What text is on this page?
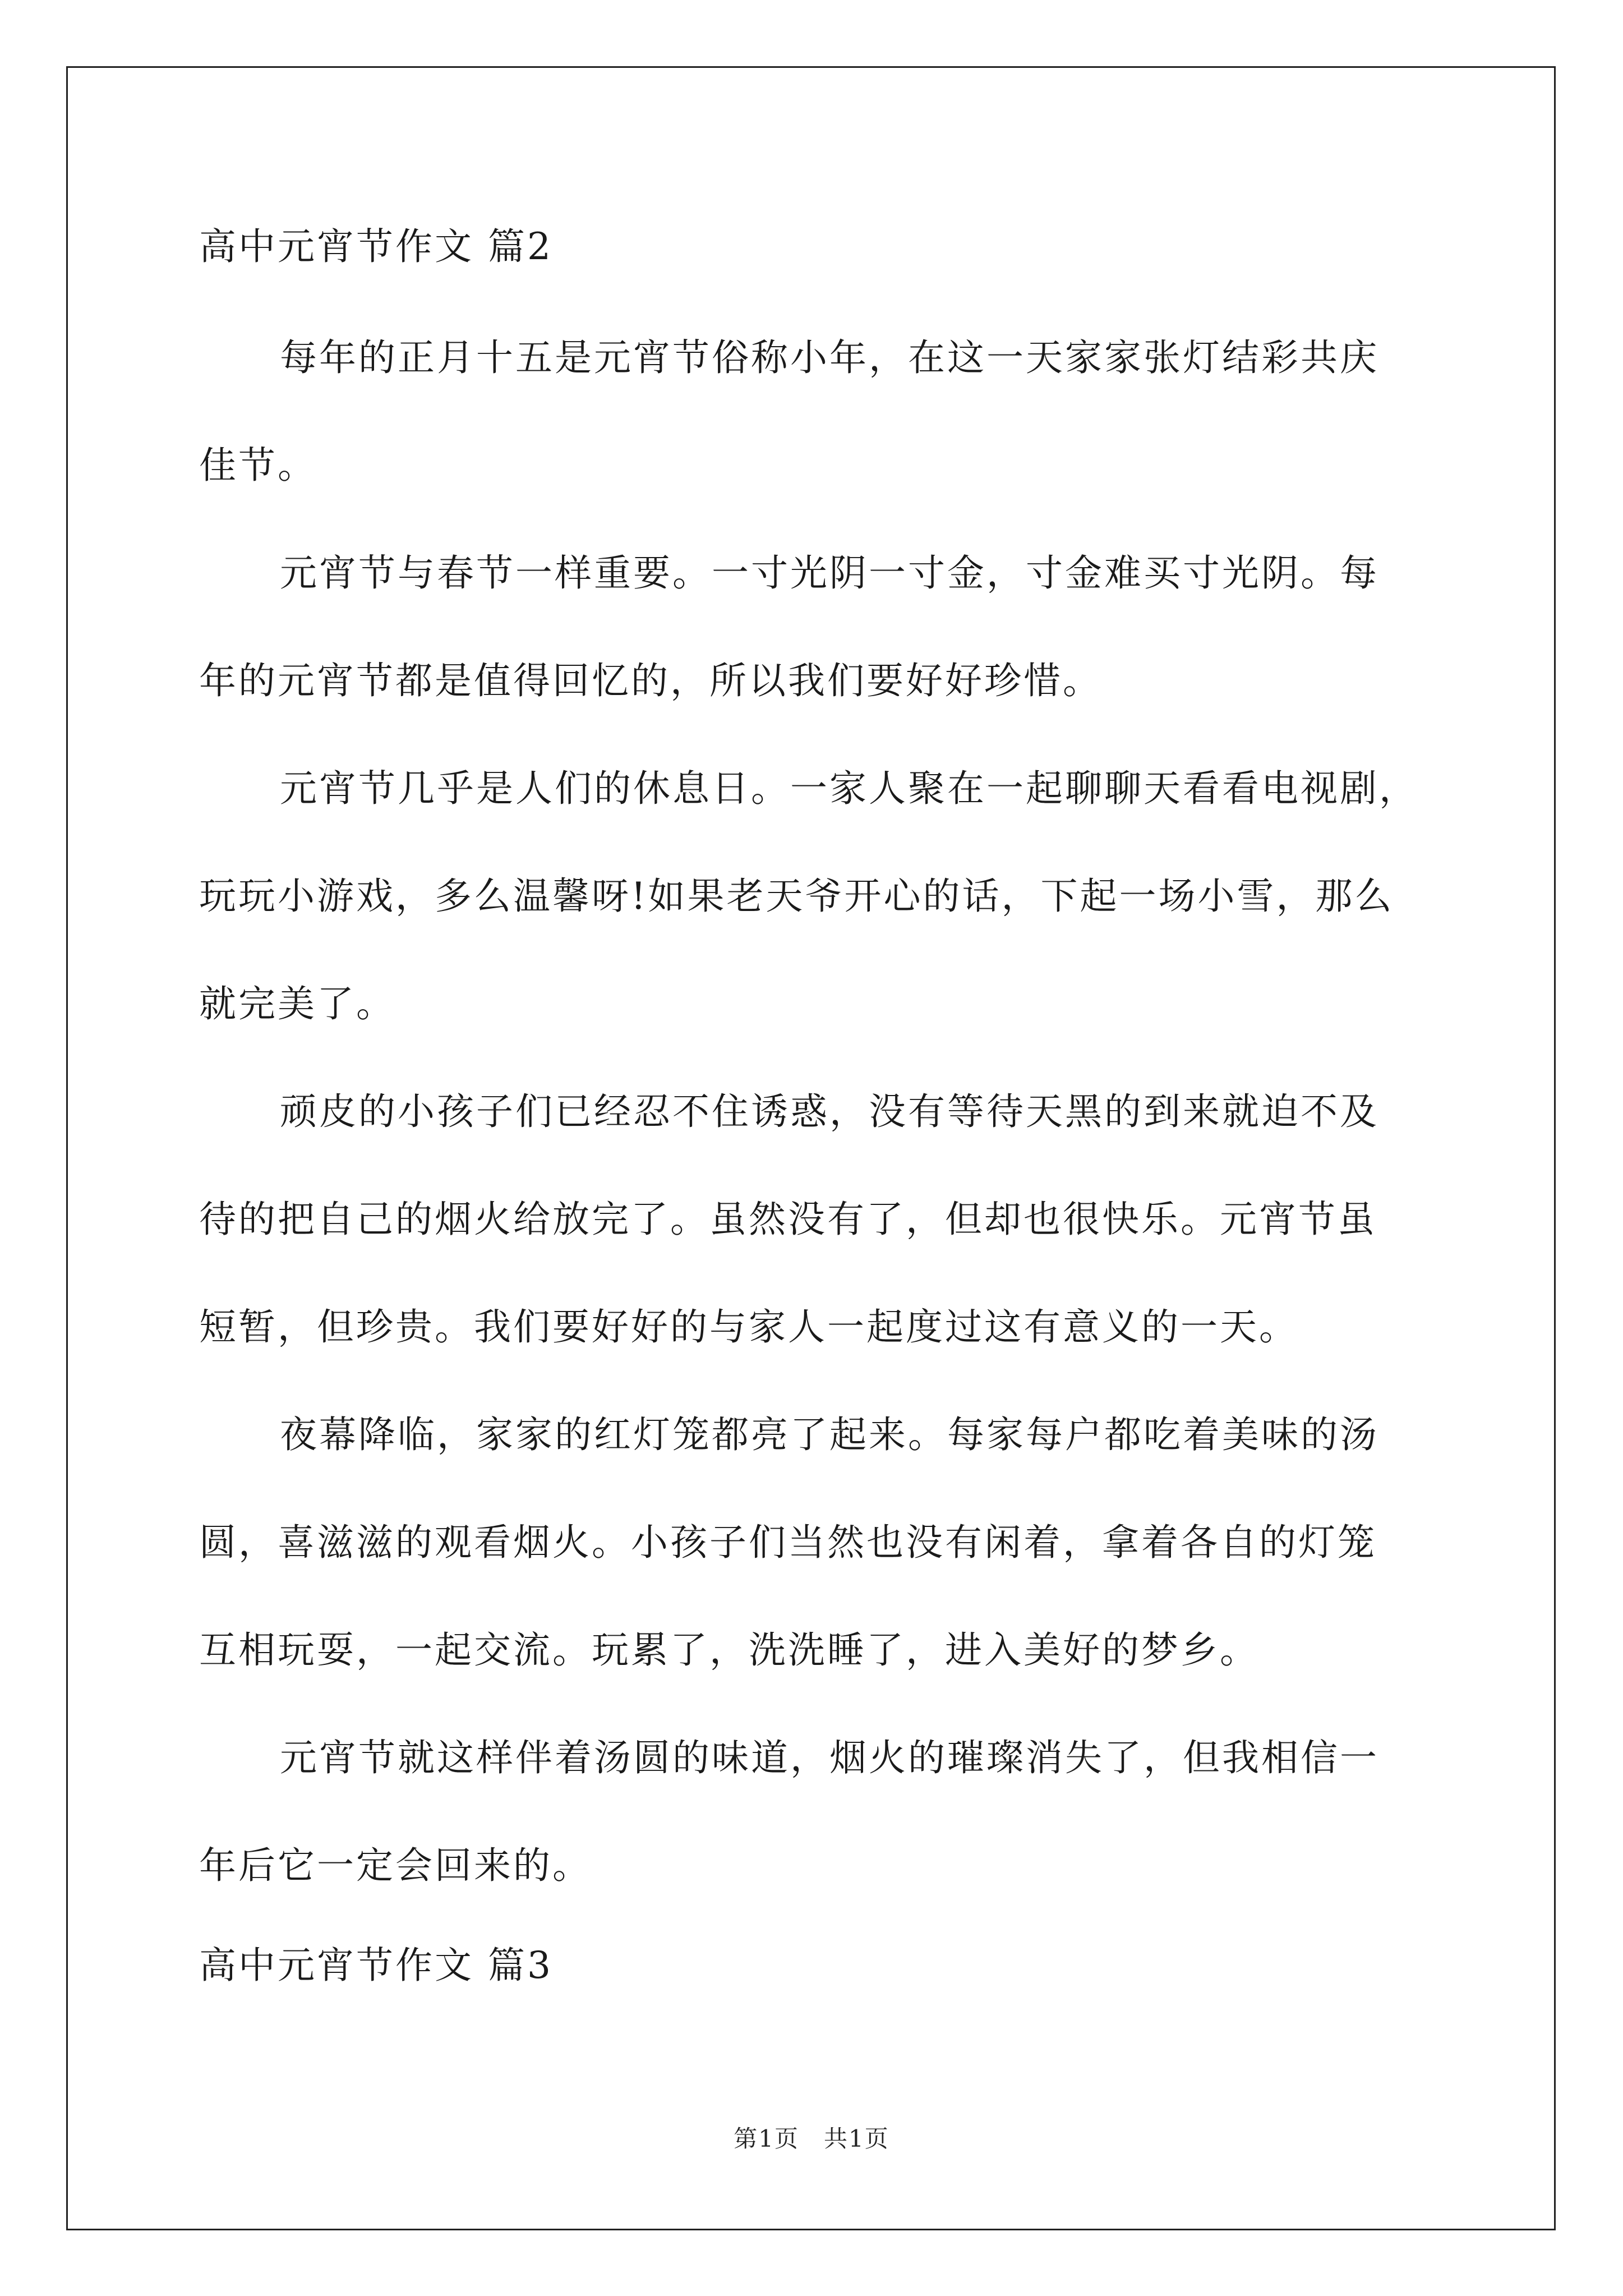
高中元宵节作文 篇2
每年的正月十五是元宵节俗称小年，在这一天家家张灯结彩共庆
佳节。
元宵节与春节一样重要。一寸光阴一寸金，寸金难买寸光阴。每
年的元宵节都是值得回忆的，所以我们要好好珍惜。
元宵节几乎是人们的休息日。一家人聚在一起聊聊天看看电视剧，
玩玩小游戏，多么温馨呀!如果老天爷开心的话，下起一场小雪，那么
就完美了。
顽皮的小孩子们已经忍不住诱惑，没有等待天黑的到来就迫不及
待的把自己的烟火给放完了。虽然没有了，但却也很快乐。元宵节虽
短暂，但珍贵。我们要好好的与家人一起度过这有意义的一天。
夜幕降临，家家的红灯笼都亮了起来。每家每户都吃着美味的汤
圆，喜滋滋的观看烟火。小孩子们当然也没有闲着，拿着各自的灯笼
互相玩耍，一起交流。玩累了，洗洗睡了，进入美好的梦乡。
元宵节就这样伴着汤圆的味道，烟火的璀璨消失了，但我相信一
年后它一定会回来的。
高中元宵节作文 篇3
第1页　共1页
